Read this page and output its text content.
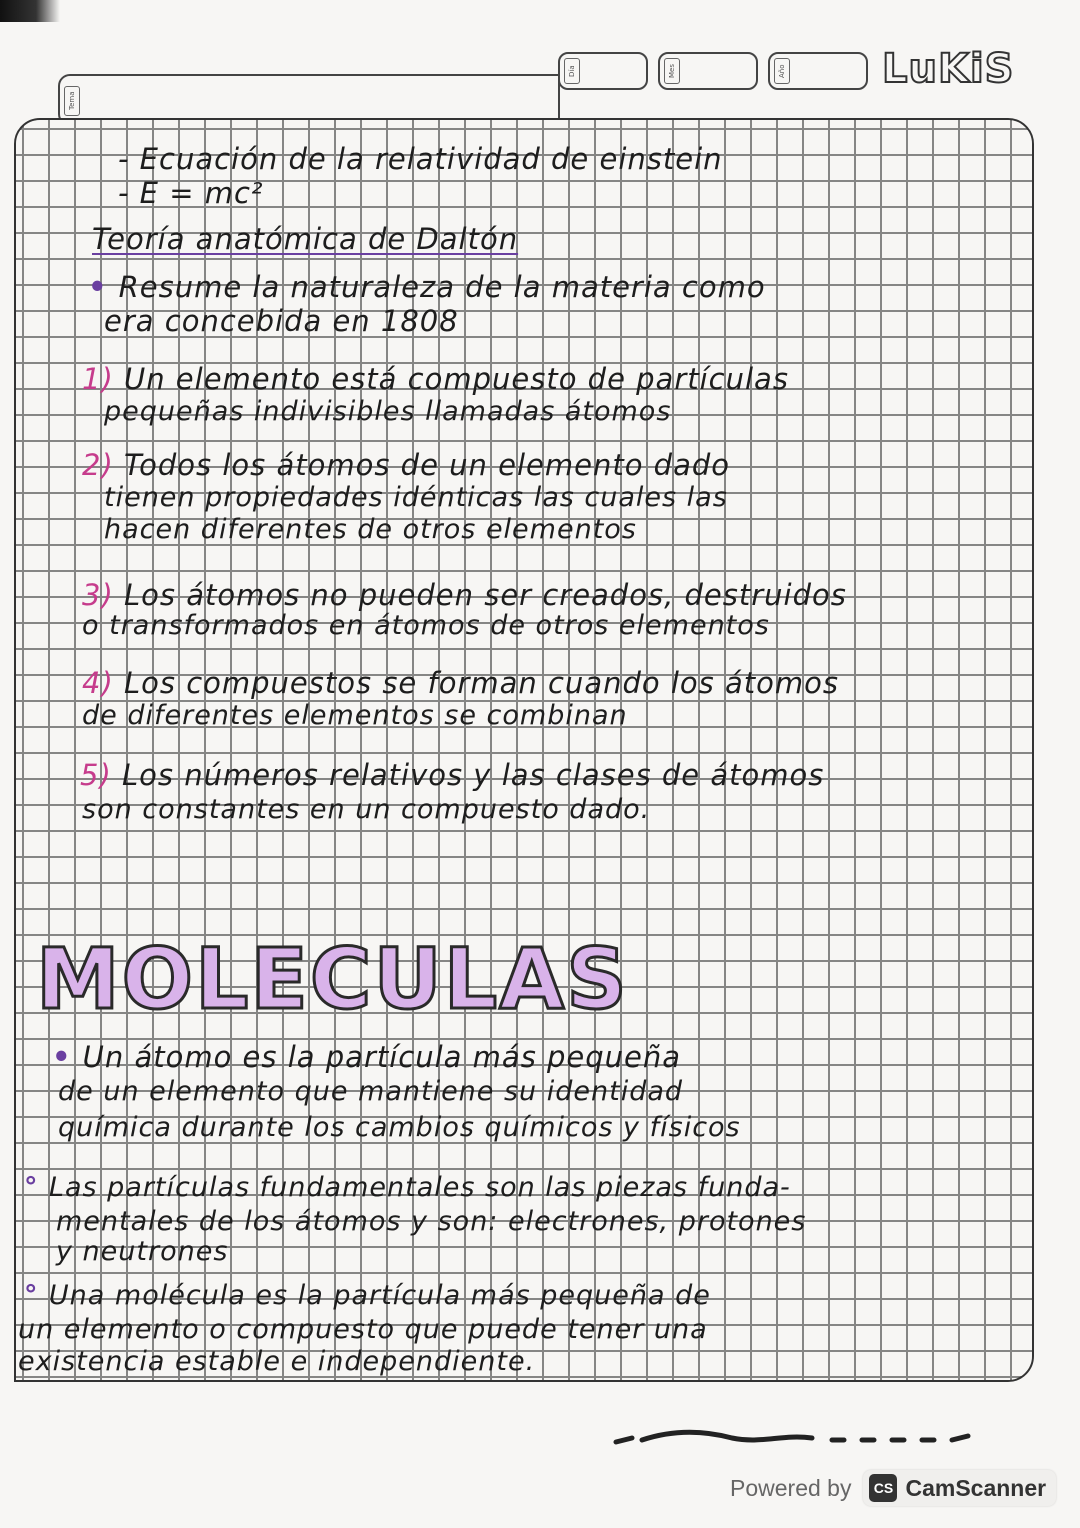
Tema
Día	Mes	Año LuKiS
- Ecuación de la relatividad de einstein
- E = mc²
Teoría anatómica de Daltón
• Resume la naturaleza de la materia como
era concebida en 1808
1) Un elemento está compuesto de partículas
pequeñas indivisibles llamadas átomos
2) Todos los átomos de un elemento dado
tienen propiedades idénticas las cuales las
hacen diferentes de otros elementos
3) Los átomos no pueden ser creados, destruidos
o transformados en átomos de otros elementos
4) Los compuestos se forman cuando los átomos
de diferentes elementos se combinan
5) Los números relativos y las clases de átomos
son constantes en un compuesto dado.
MOLECULAS
• Un átomo es la partícula más pequeña
de un elemento que mantiene su identidad
química durante los cambios químicos y físicos
° Las partículas fundamentales son las piezas funda-
mentales de los átomos y son: electrones, protones
y neutrones
° Una molécula es la partícula más pequeña de
un elemento o compuesto que puede tener una
existencia estable e independiente.
Powered by	CS CamScanner
